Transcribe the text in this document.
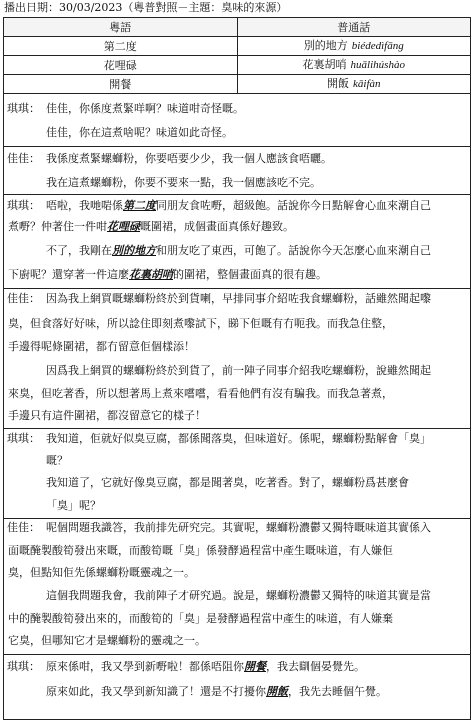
播出日期：30/03/2023（粵普對照－主題：臭味的來源）
粵語	普通話
第二度	別的地方 biédedìfāng
花哩碌	花裏胡哨 huālihúshào
開餐	開飯 kāifàn
琪琪： 佳佳，你係度煮緊咩啊？味道咁奇怪嘅。
佳佳，你在這煮啥呢？味道如此奇怪。
佳佳： 我係度煮緊螺螄粉，你要唔要少少，我一個人應該食唔曬。
我在這煮螺螄粉，你要不要來一點，我一個應該吃不完。
琪琪： 唔啦，我哋啱係第二度同朋友食咗嘢，超級飽。話說你今日點解會心血來潮自己
煮嘢？仲著住一件咁花哩碌嘅圍裙，成個畫面真係好趣致。
不了，我剛在別的地方和朋友吃了東西，可飽了。話說你今天怎麼心血來潮自己
下廚呢？還穿著一件這麼花裏胡哨的圍裙，整個畫面真的很有趣。
佳佳： 因為我上網買嘅螺螄粉終於到貨喇，早排同事介紹咗我食螺螄粉，話雖然聞起嚟
臭，但食落好好味，所以諗住即刻煮嚟試下，睇下佢嘅有冇呃我。而我急住整，
手邊得呢條圍裙，都冇留意佢個樣添！
因爲我上網買的螺螄粉終於到貨了，前一陣子同事介紹我吃螺螄粉，說雖然聞起
來臭，但吃著香，所以想著馬上煮來嚐嚐，看看他們有沒有騙我。而我急著煮，
手邊只有這件圍裙，都沒留意它的樣子！
琪琪： 我知道，佢就好似臭豆腐，都係聞落臭，但味道好。係呢，螺螄粉點解會「臭」
嘅？
我知道了，它就好像臭豆腐，都是聞著臭，吃著香。對了，螺螄粉爲甚麼會
「臭」呢？
佳佳： 呢個問題我識答，我前排先研究完。其實呢，螺螄粉濃鬱又獨特嘅味道其實係入
面嘅醃製酸筍發出來嘅，而酸筍嘅「臭」係發酵過程當中產生嘅味道，有人嫌佢
臭，但點知佢先係螺螄粉嘅靈魂之一。
這個我問題我會，我前陣子才研究過。說是，螺螄粉濃鬱又獨特的味道其實是當
中的醃製酸筍發出來的，而酸筍的「臭」是發酵過程當中產生的味道，有人嫌棄
它臭，但哪知它才是螺螄粉的靈魂之一。
琪琪： 原來係咁，我又學到新嘢啦！都係唔阻你開餐，我去瞓個晏覺先。
原來如此，我又學到新知識了！還是不打擾你開飯，我先去睡個午覺。
